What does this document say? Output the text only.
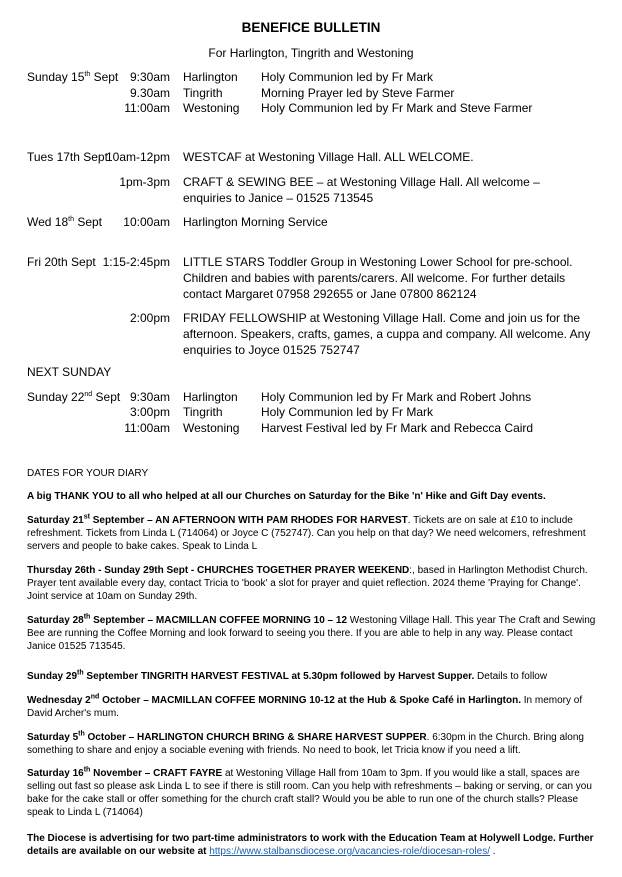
BENEFICE BULLETIN
For Harlington, Tingrith and Westoning
Sunday 15th Sept 9:30am Harlington Holy Communion led by Fr Mark
9.30am Tingrith	Morning Prayer led by Steve Farmer
11:00am Westoning Holy Communion led by Fr Mark and Steve Farmer
Tues 17th Sept
10am-12pm WESTCAF at Westoning Village Hall. ALL WELCOME.
1pm-3pm CRAFT & SEWING BEE – at Westoning Village Hall. All welcome –
enquiries to Janice – 01525 713545
Wed 18th Sept 10:00am Harlington Morning Service
Fri 20th Sept 1:15-2:45pm LITTLE STARS Toddler Group in Westoning Lower School for pre-school.
Children and babies with parents/carers. All welcome. For further details
contact Margaret 07958 292655 or Jane 07800 862124
2:00pm FRIDAY FELLOWSHIP at Westoning Village Hall. Come and join us for the
afternoon. Speakers, crafts, games, a cuppa and company. All welcome. Any
enquiries to Joyce 01525 752747
NEXT SUNDAY
Sunday 22nd Sept 9:30am Harlington Holy Communion led by Fr Mark and Robert Johns
3:00pm Tingrith	Holy Communion led by Fr Mark
11:00am Westoning Harvest Festival led by Fr Mark and Rebecca Caird
DATES FOR YOUR DIARY
A big THANK YOU to all who helped at all our Churches on Saturday for the Bike 'n' Hike and Gift Day events.
Saturday 21st September – AN AFTERNOON WITH PAM RHODES FOR HARVEST. Tickets are on sale at £10 to include refreshment. Tickets from Linda L (714064) or Joyce C (752747). Can you help on that day? We need welcomers, refreshment servers and people to bake cakes. Speak to Linda L
Thursday 26th - Sunday 29th Sept - CHURCHES TOGETHER PRAYER WEEKEND:, based in Harlington Methodist Church. Prayer tent available every day, contact Tricia to 'book' a slot for prayer and quiet reflection. 2024 theme 'Praying for Change'. Joint service at 10am on Sunday 29th.
Saturday 28th September – MACMILLAN COFFEE MORNING 10 – 12 Westoning Village Hall. This year The Craft and Sewing Bee are running the Coffee Morning and look forward to seeing you there. If you are able to help in any way. Please contact Janice 01525 713545.
Sunday 29th September TINGRITH HARVEST FESTIVAL at 5.30pm followed by Harvest Supper. Details to follow
Wednesday 2nd October – MACMILLAN COFFEE MORNING 10-12 at the Hub & Spoke Café in Harlington. In memory of David Archer's mum.
Saturday 5th October – HARLINGTON CHURCH BRING & SHARE HARVEST SUPPER. 6:30pm in the Church. Bring along something to share and enjoy a sociable evening with friends. No need to book, let Tricia know if you need a lift.
Saturday 16th November – CRAFT FAYRE at Westoning Village Hall from 10am to 3pm. If you would like a stall, spaces are selling out fast so please ask Linda L to see if there is still room. Can you help with refreshments – baking or serving, or can you bake for the cake stall or offer something for the church craft stall? Would you be able to run one of the church stalls? Please speak to Linda L (714064)
The Diocese is advertising for two part-time administrators to work with the Education Team at Holywell Lodge. Further details are available on our website at https://www.stalbansdiocese.org/vacancies-role/diocesan-roles/ .
